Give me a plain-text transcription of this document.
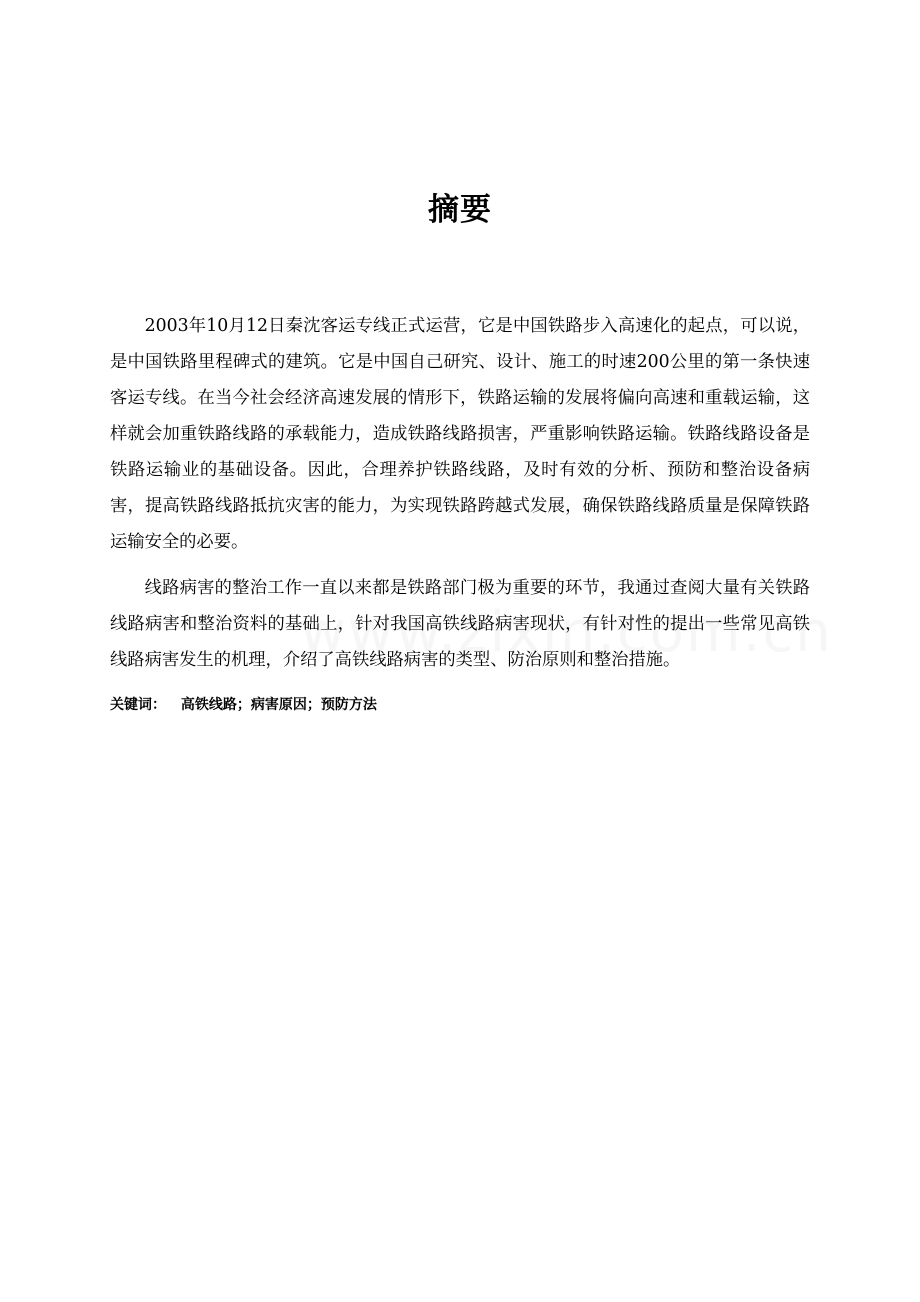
摘要

2003年10月12日秦沈客运专线正式运营，它是中国铁路步入高速化的起点，可以说，是中国铁路里程碑式的建筑。它是中国自己研究、设计、施工的时速200公里的第一条快速客运专线。在当今社会经济高速发展的情形下，铁路运输的发展将偏向高速和重载运输，这样就会加重铁路线路的承载能力，造成铁路线路损害，严重影响铁路运输。铁路线路设备是铁路运输业的基础设备。因此，合理养护铁路线路，及时有效的分析、预防和整治设备病害，提高铁路线路抵抗灾害的能力，为实现铁路跨越式发展，确保铁路线路质量是保障铁路运输安全的必要。

线路病害的整治工作一直以来都是铁路部门极为重要的环节，我通过查阅大量有关铁路线路病害和整治资料的基础上，针对我国高铁线路病害现状，有针对性的提出一些常见高铁线路病害发生的机理，介绍了高铁线路病害的类型、防治原则和整治措施。

关键词： 高铁线路；病害原因；预防方法
